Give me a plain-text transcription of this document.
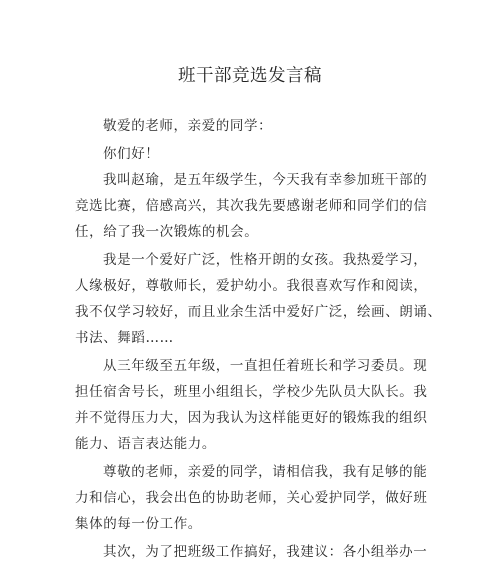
班干部竞选发言稿

敬爱的老师，亲爱的同学：

你们好！

我叫赵瑜，是五年级学生，今天我有幸参加班干部的

竞选比赛，倍感高兴，其次我先要感谢老师和同学们的信

任，给了我一次锻炼的机会。

我是一个爱好广泛，性格开朗的女孩。我热爱学习，

人缘极好，尊敬师长，爱护幼小。我很喜欢写作和阅读，

我不仅学习较好，而且业余生活中爱好广泛，绘画、朗诵、

书法、舞蹈……

从三年级至五年级，一直担任着班长和学习委员。现

担任宿舍号长，班里小组组长，学校少先队员大队长。我

并不觉得压力大，因为我认为这样能更好的锻炼我的组织

能力、语言表达能力。

尊敬的老师，亲爱的同学，请相信我，我有足够的能

力和信心，我会出色的协助老师，关心爱护同学，做好班

集体的每一份工作。

其次，为了把班级工作搞好，我建议：各小组举办一
